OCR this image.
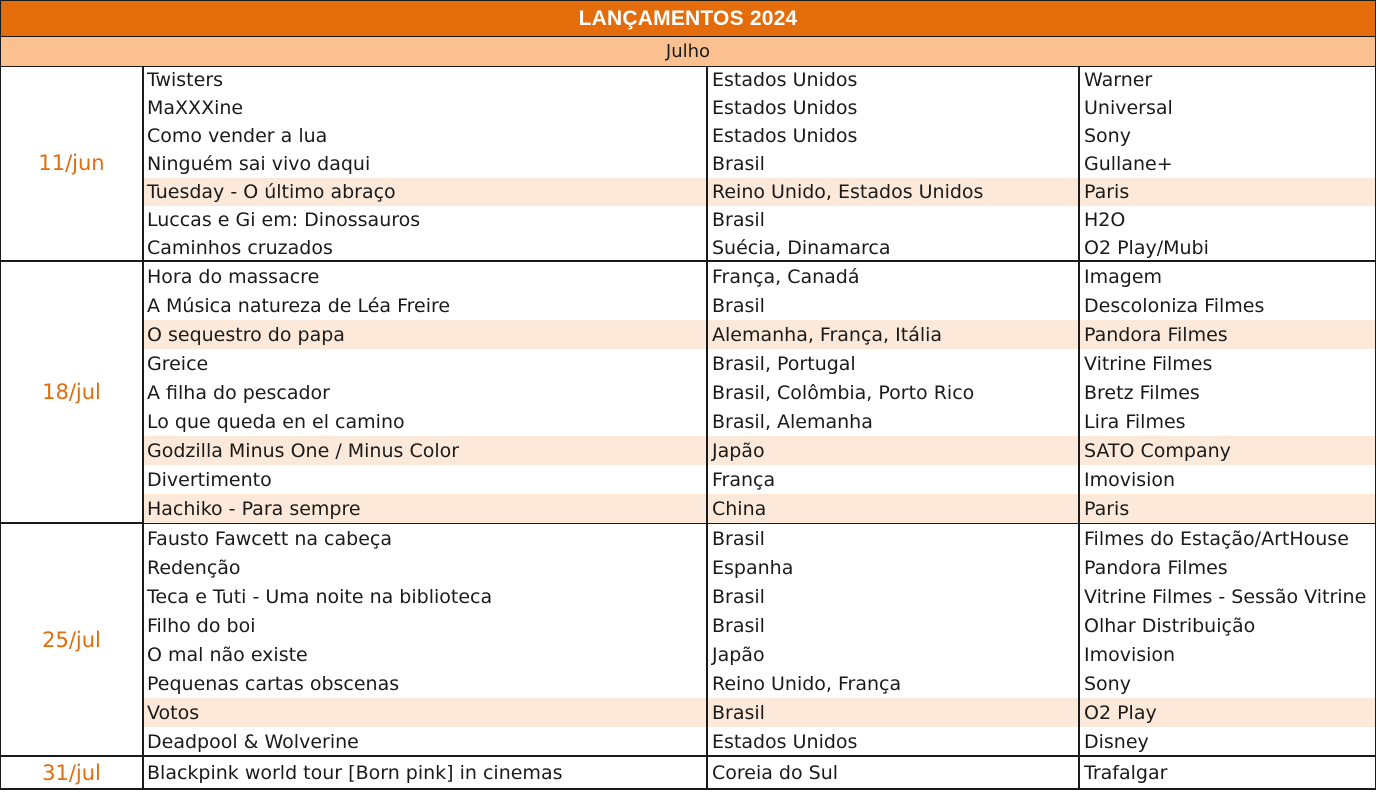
LANÇAMENTOS 2024
Julho
11/jun
Twisters	Estados Unidos	Warner
MaXXXine	Estados Unidos	Universal
Como vender a lua	Estados Unidos	Sony
Ninguém sai vivo daqui	Brasil	Gullane+
Tuesday - O último abraço	Reino Unido, Estados Unidos	Paris
Luccas e Gi em: Dinossauros	Brasil	H2O
Caminhos cruzados	Suécia, Dinamarca	O2 Play/Mubi
18/jul
Hora do massacre	França, Canadá	Imagem
A Música natureza de Léa Freire	Brasil	Descoloniza Filmes
O sequestro do papa	Alemanha, França, Itália	Pandora Filmes
Greice	Brasil, Portugal	Vitrine Filmes
A filha do pescador	Brasil, Colômbia, Porto Rico	Bretz Filmes
Lo que queda en el camino	Brasil, Alemanha	Lira Filmes
Godzilla Minus One / Minus Color	Japão	SATO Company
Divertimento	França	Imovision
Hachiko - Para sempre	China	Paris
25/jul
Fausto Fawcett na cabeça	Brasil	Filmes do Estação/ArtHouse
Redenção	Espanha	Pandora Filmes
Teca e Tuti - Uma noite na biblioteca	Brasil	Vitrine Filmes - Sessão Vitrine
Filho do boi	Brasil	Olhar Distribuição
O mal não existe	Japão	Imovision
Pequenas cartas obscenas	Reino Unido, França	Sony
Votos	Brasil	O2 Play
Deadpool & Wolverine	Estados Unidos	Disney
31/jul	Blackpink world tour [Born pink] in cinemas	Coreia do Sul	Trafalgar
